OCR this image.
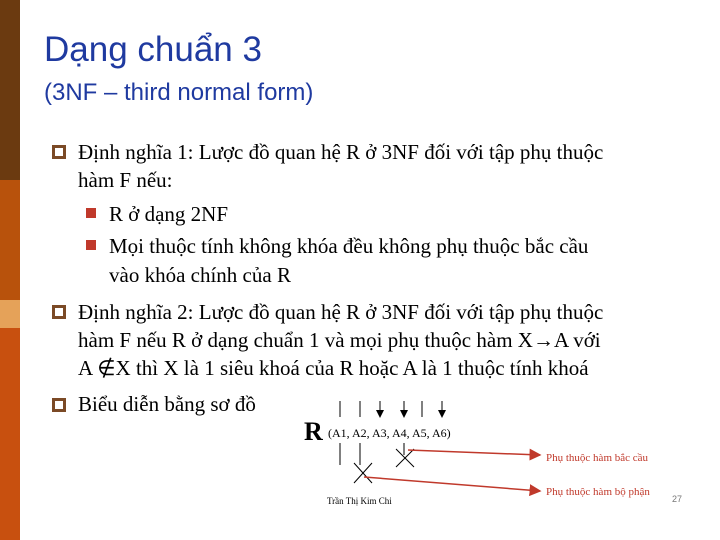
Dạng chuẩn 3
(3NF – third normal form)
Định nghĩa 1: Lược đồ quan hệ R ở 3NF đối với tập phụ thuộc
hàm F nếu:
R ở dạng 2NF
Mọi thuộc tính không khóa đều không phụ thuộc bắc cầu
vào khóa chính của R
Định nghĩa 2: Lược đồ quan hệ R ở 3NF đối với tập phụ thuộc
hàm F nếu R ở dạng chuẩn 1 và mọi phụ thuộc hàm X→A với
A ∉X thì X là 1 siêu khoá của R hoặc A là 1 thuộc tính khoá
Biểu diễn bằng sơ đồ
R (A1, A2, A3, A4, A5, A6)
Phụ thuộc hàm bắc cầu
Phụ thuộc hàm bộ phận
Trần Thị Kim Chi	27
